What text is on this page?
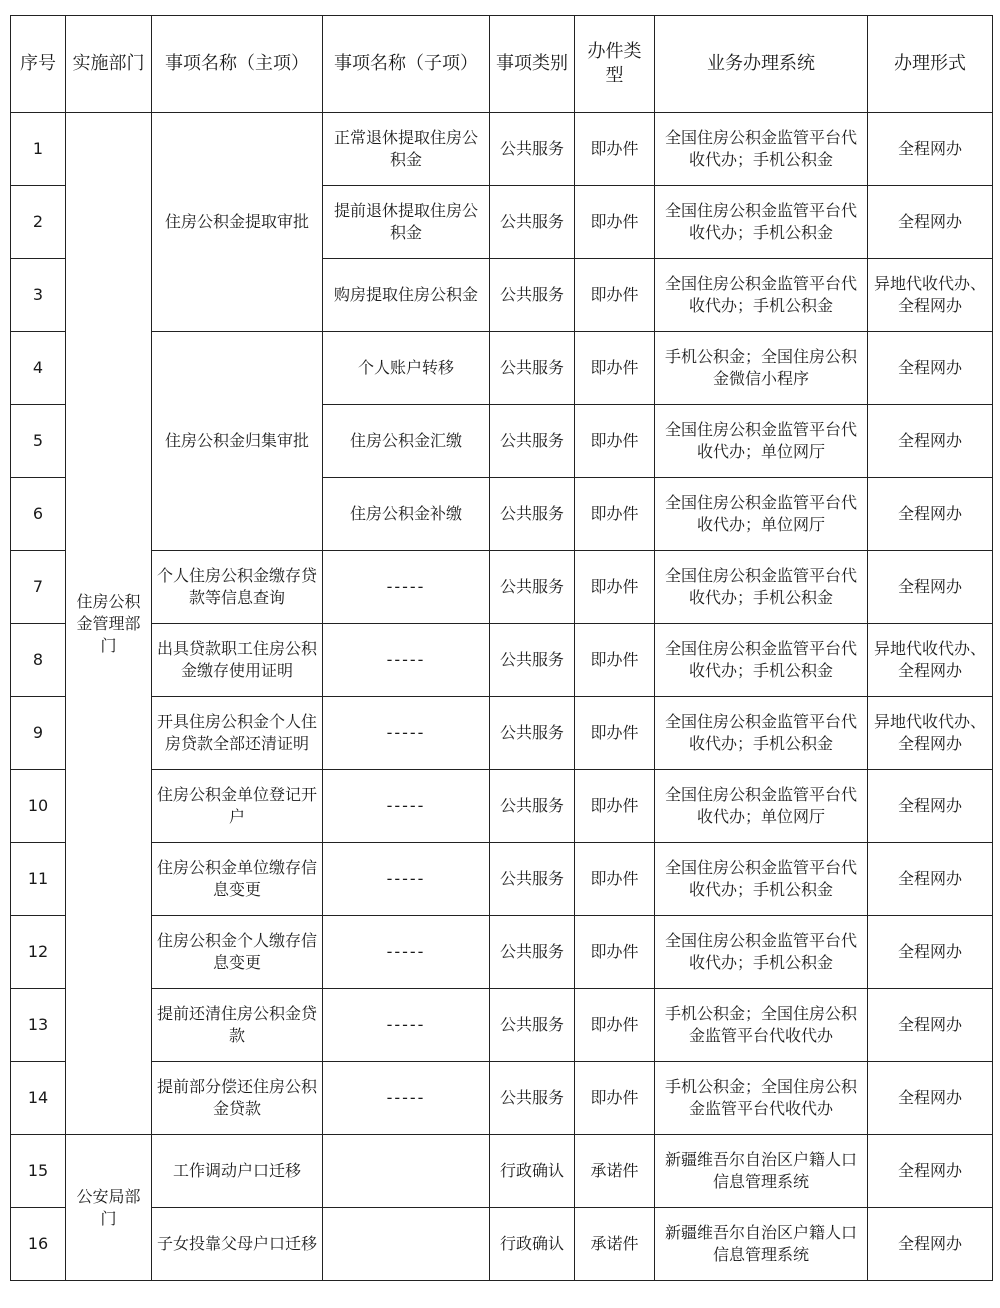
序号	实施部门	事项名称（主项）	事项名称（子项）	事项类别	办件类型	业务办理系统	办理形式
1	住房公积金管理部门	住房公积金提取审批	正常退休提取住房公积金	公共服务	即办件	全国住房公积金监管平台代收代办；手机公积金	全程网办
2			提前退休提取住房公积金	公共服务	即办件	全国住房公积金监管平台代收代办；手机公积金	全程网办
3			购房提取住房公积金	公共服务	即办件	全国住房公积金监管平台代收代办；手机公积金	异地代收代办、全程网办
4		住房公积金归集审批	个人账户转移	公共服务	即办件	手机公积金；全国住房公积金微信小程序	全程网办
5			住房公积金汇缴	公共服务	即办件	全国住房公积金监管平台代收代办；单位网厅	全程网办
6			住房公积金补缴	公共服务	即办件	全国住房公积金监管平台代收代办；单位网厅	全程网办
7		个人住房公积金缴存贷款等信息查询	-----	公共服务	即办件	全国住房公积金监管平台代收代办；手机公积金	全程网办
8		出具贷款职工住房公积金缴存使用证明	-----	公共服务	即办件	全国住房公积金监管平台代收代办；手机公积金	异地代收代办、全程网办
9		开具住房公积金个人住房贷款全部还清证明	-----	公共服务	即办件	全国住房公积金监管平台代收代办；手机公积金	异地代收代办、全程网办
10		住房公积金单位登记开户	-----	公共服务	即办件	全国住房公积金监管平台代收代办；单位网厅	全程网办
11		住房公积金单位缴存信息变更	-----	公共服务	即办件	全国住房公积金监管平台代收代办；手机公积金	全程网办
12		住房公积金个人缴存信息变更	-----	公共服务	即办件	全国住房公积金监管平台代收代办；手机公积金	全程网办
13		提前还清住房公积金贷款	-----	公共服务	即办件	手机公积金；全国住房公积金监管平台代收代办	全程网办
14		提前部分偿还住房公积金贷款	-----	公共服务	即办件	手机公积金；全国住房公积金监管平台代收代办	全程网办
15	公安局部门	工作调动户口迁移		行政确认	承诺件	新疆维吾尔自治区户籍人口信息管理系统	全程网办
16		子女投靠父母户口迁移		行政确认	承诺件	新疆维吾尔自治区户籍人口信息管理系统	全程网办
